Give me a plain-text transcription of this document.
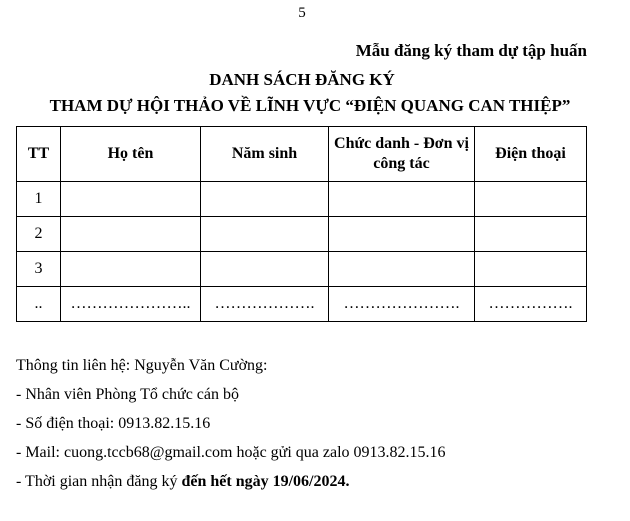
5
Mẫu đăng ký tham dự tập huấn
DANH SÁCH ĐĂNG KÝ
THAM DỰ HỘI THẢO VỀ LĨNH VỰC “ĐIỆN QUANG CAN THIỆP”
TT	Họ tên	Năm sinh	Chức danh - Đơn vị công tác	Điện thoại
1				
2				
3				
..	…………………..	……………….	………………….	…………….
Thông tin liên hệ: Nguyễn Văn Cường:
- Nhân viên Phòng Tổ chức cán bộ
- Số điện thoại: 0913.82.15.16
- Mail: cuong.tccb68@gmail.com hoặc gửi qua zalo 0913.82.15.16
- Thời gian nhận đăng ký đến hết ngày 19/06/2024.
